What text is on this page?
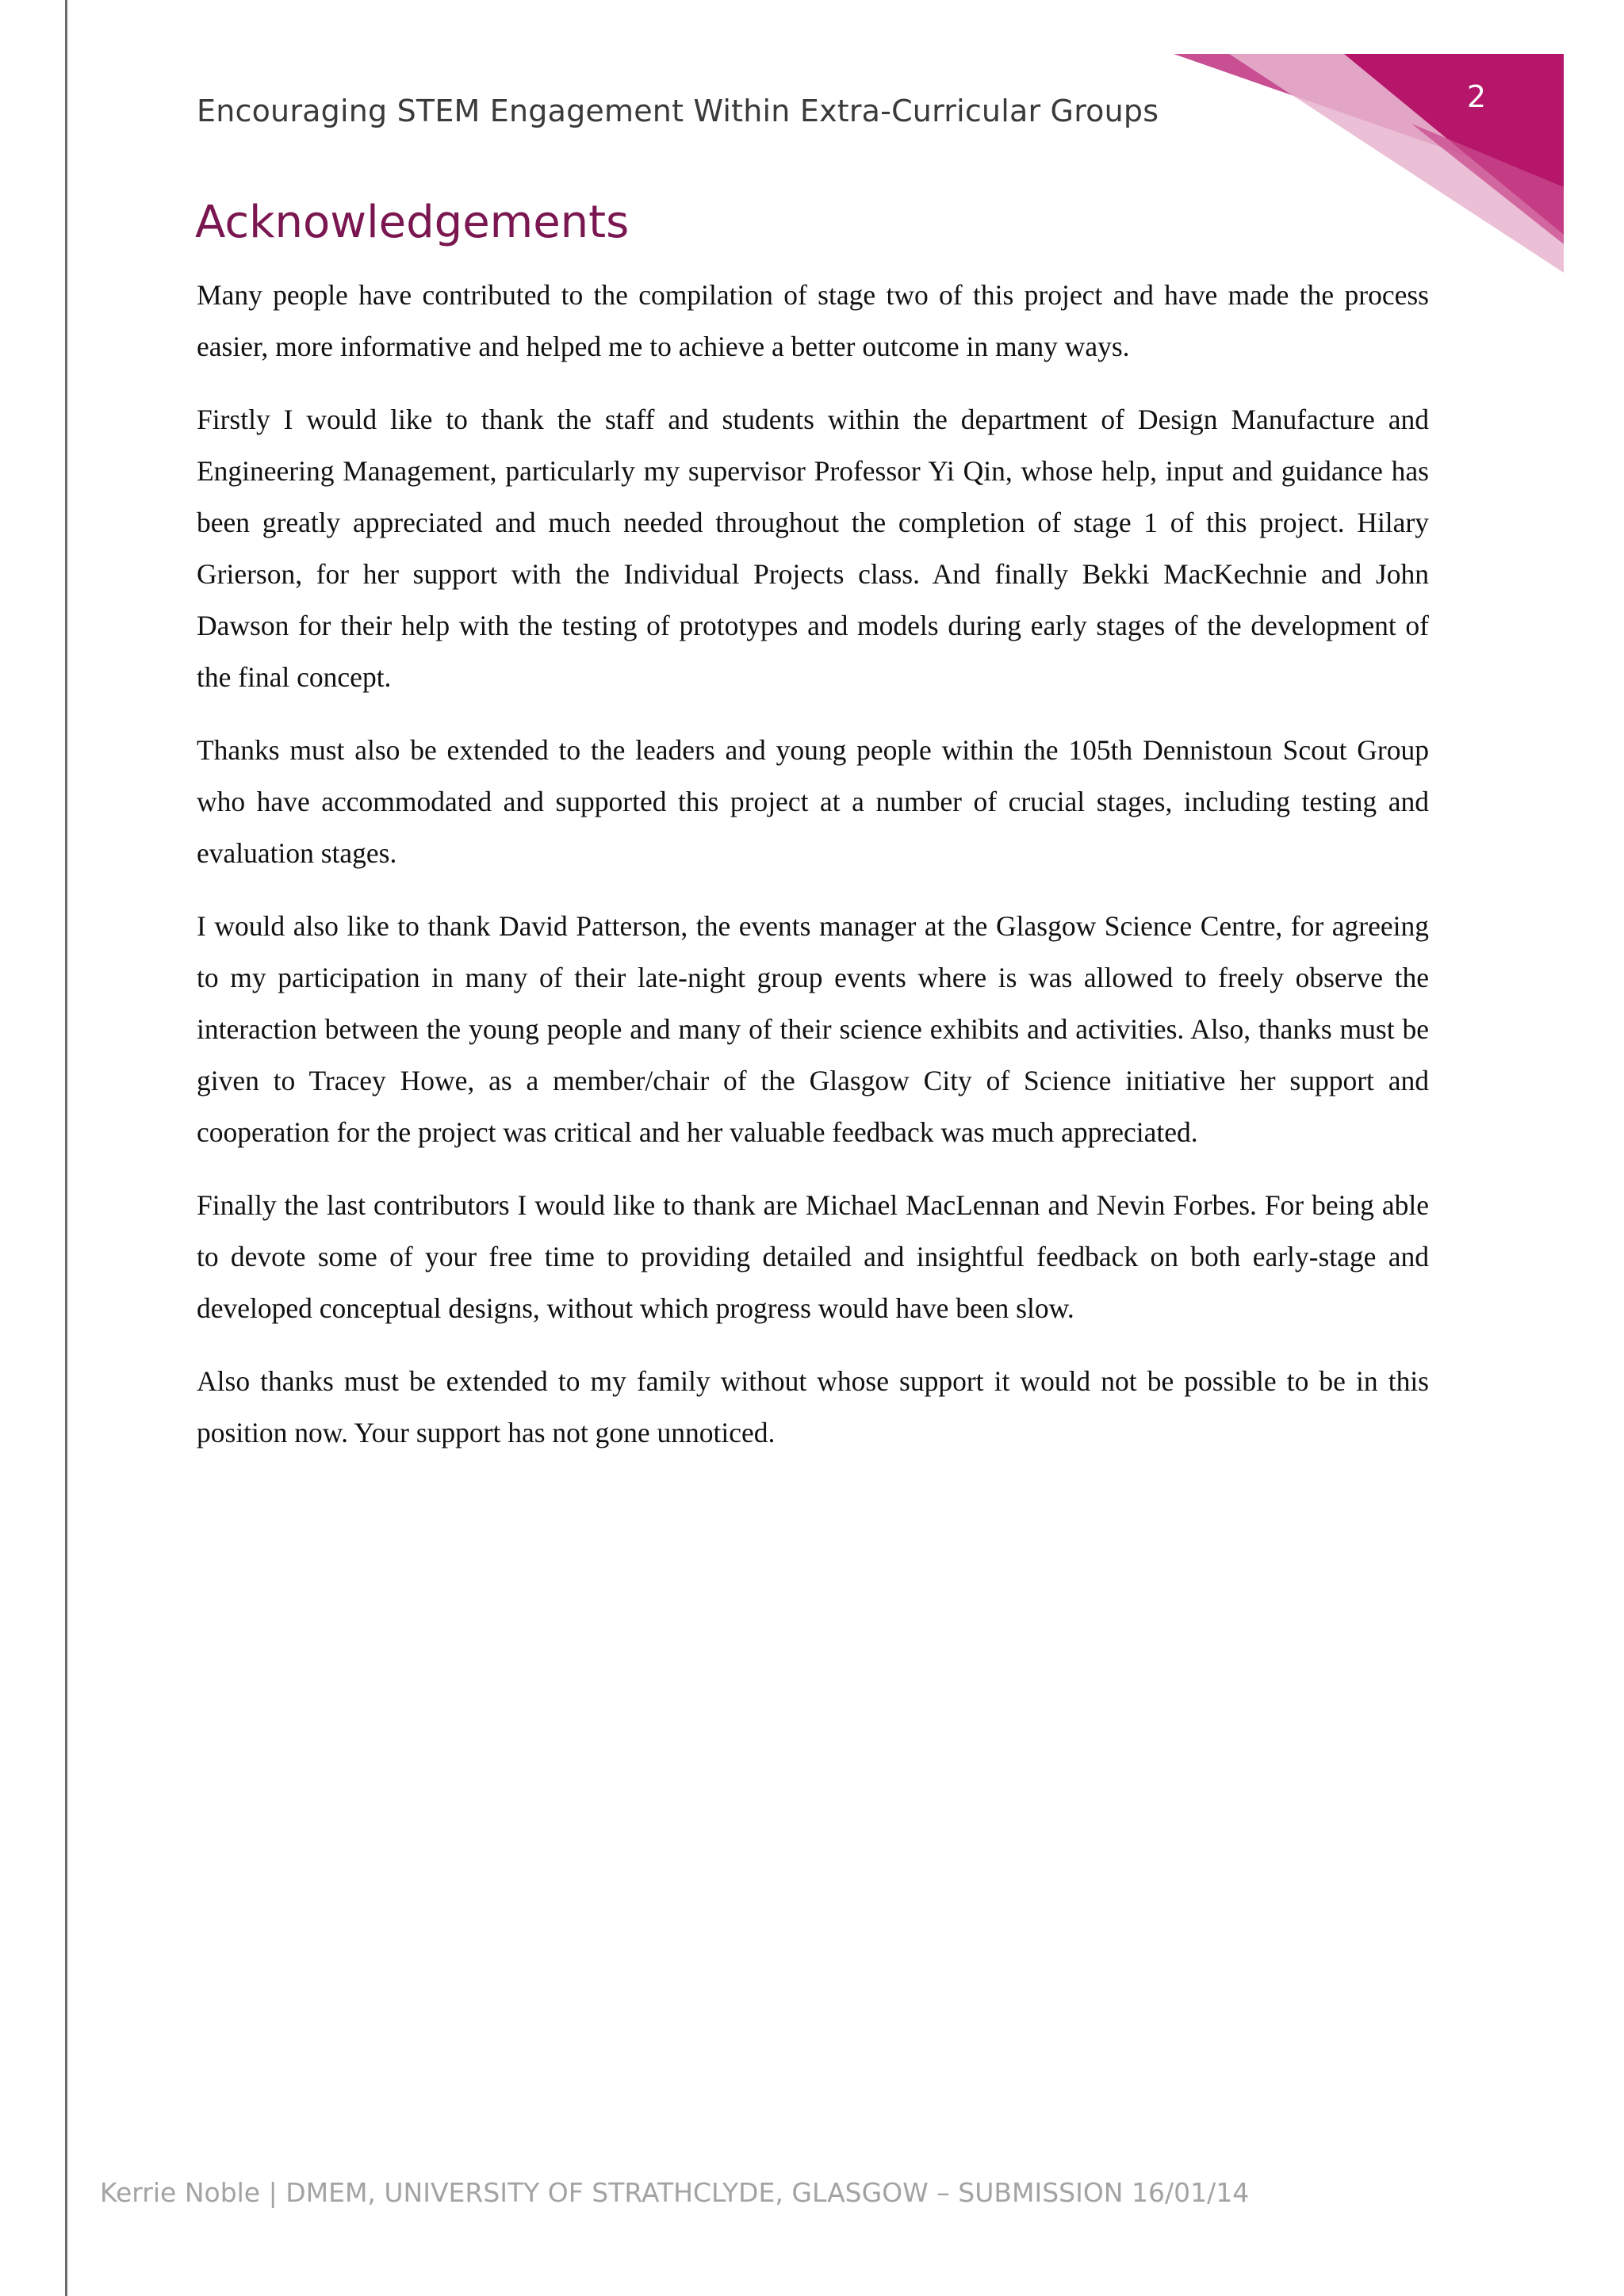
Encouraging STEM Engagement Within Extra-Curricular Groups	2
Acknowledgements

Many people have contributed to the compilation of stage two of this project and have made the process easier, more informative and helped me to achieve a better outcome in many ways.

Firstly I would like to thank the staff and students within the department of Design Manufacture and Engineering Management, particularly my supervisor Professor Yi Qin, whose help, input and guidance has been greatly appreciated and much needed throughout the completion of stage 1 of this project. Hilary Grierson, for her support with the Individual Projects class. And finally Bekki MacKechnie and John Dawson for their help with the testing of prototypes and models during early stages of the development of the final concept.

Thanks must also be extended to the leaders and young people within the 105th Dennistoun Scout Group who have accommodated and supported this project at a number of crucial stages, including testing and evaluation stages.

I would also like to thank David Patterson, the events manager at the Glasgow Science Centre, for agreeing to my participation in many of their late-night group events where is was allowed to freely observe the interaction between the young people and many of their science exhibits and activities. Also, thanks must be given to Tracey Howe, as a member/chair of the Glasgow City of Science initiative her support and cooperation for the project was critical and her valuable feedback was much appreciated.

Finally the last contributors I would like to thank are Michael MacLennan and Nevin Forbes. For being able to devote some of your free time to providing detailed and insightful feedback on both early-stage and developed conceptual designs, without which progress would have been slow.

Also thanks must be extended to my family without whose support it would not be possible to be in this position now. Your support has not gone unnoticed.

Kerrie Noble | DMEM, UNIVERSITY OF STRATHCLYDE, GLASGOW – SUBMISSION 16/01/14
